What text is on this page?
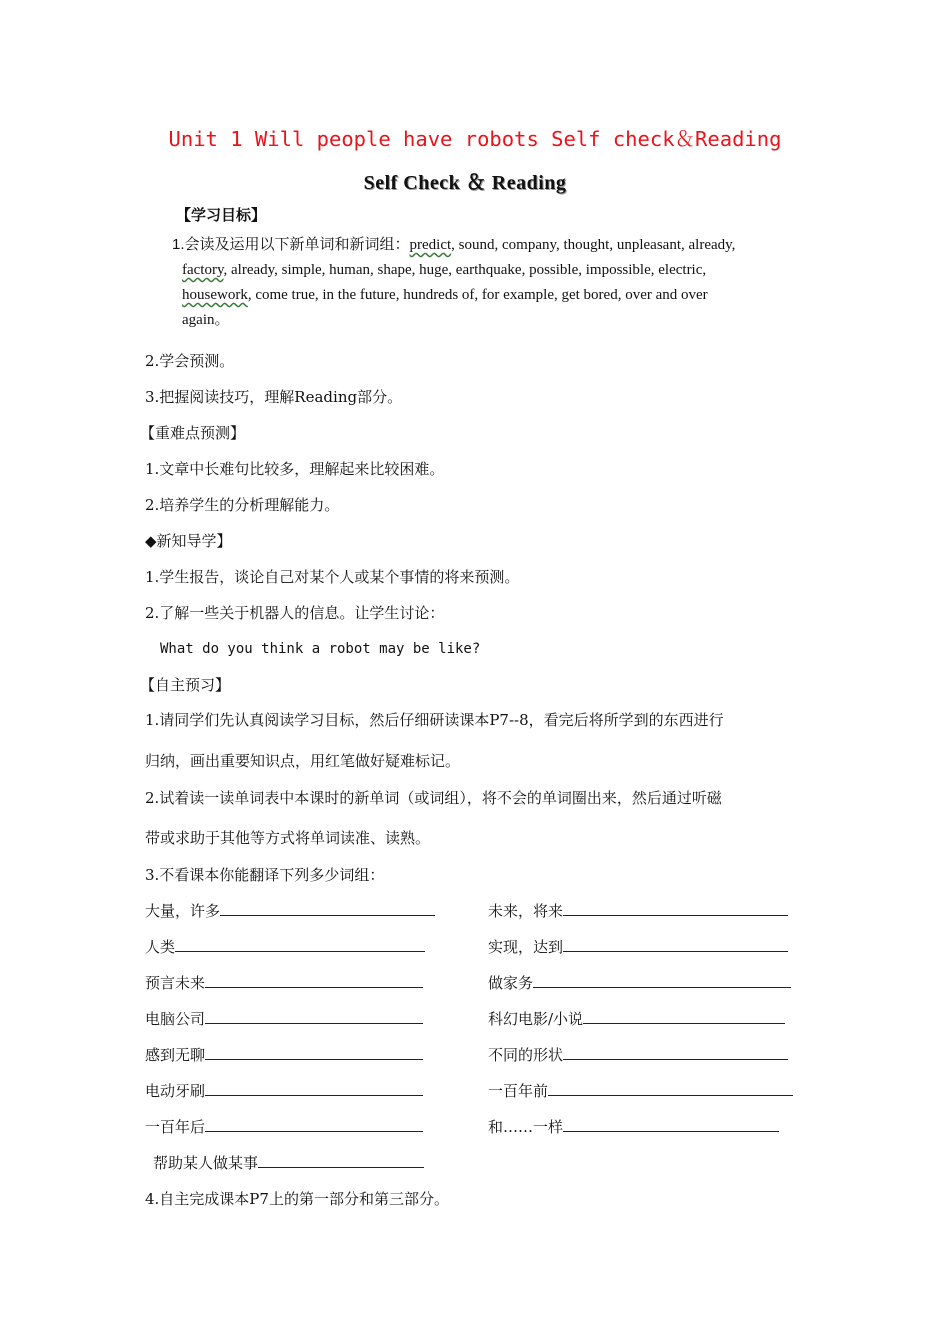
Unit 1 Will people have robots Self check＆Reading
Self Check ＆ Reading
【学习目标】
1.会读及运用以下新单词和新词组：predict, sound, company, thought, unpleasant, already,
factory, already, simple, human, shape, huge, earthquake, possible, impossible, electric,
housework, come true, in the future, hundreds of, for example, get bored, over and over
again。
2.学会预测。
3.把握阅读技巧，理解Reading部分。
【重难点预测】
1.文章中长难句比较多，理解起来比较困难。
2.培养学生的分析理解能力。
◆新知导学】
1.学生报告，谈论自己对某个人或某个事情的将来预测。
2.了解一些关于机器人的信息。让学生讨论：
What do you think a robot may be like?
【自主预习】
1.请同学们先认真阅读学习目标，然后仔细研读课本P7--8，看完后将所学到的东西进行
归纳，画出重要知识点，用红笔做好疑难标记。
2.试着读一读单词表中本课时的新单词（或词组），将不会的单词圈出来，然后通过听磁
带或求助于其他等方式将单词读准、读熟。
3.不看课本你能翻译下列多少词组：
大量，许多
人类
预言未来
电脑公司
感到无聊
电动牙刷
一百年后
未来，将来
实现，达到
做家务
科幻电影/小说
不同的形状
一百年前
和……一样
帮助某人做某事
4.自主完成课本P7上的第一部分和第三部分。
